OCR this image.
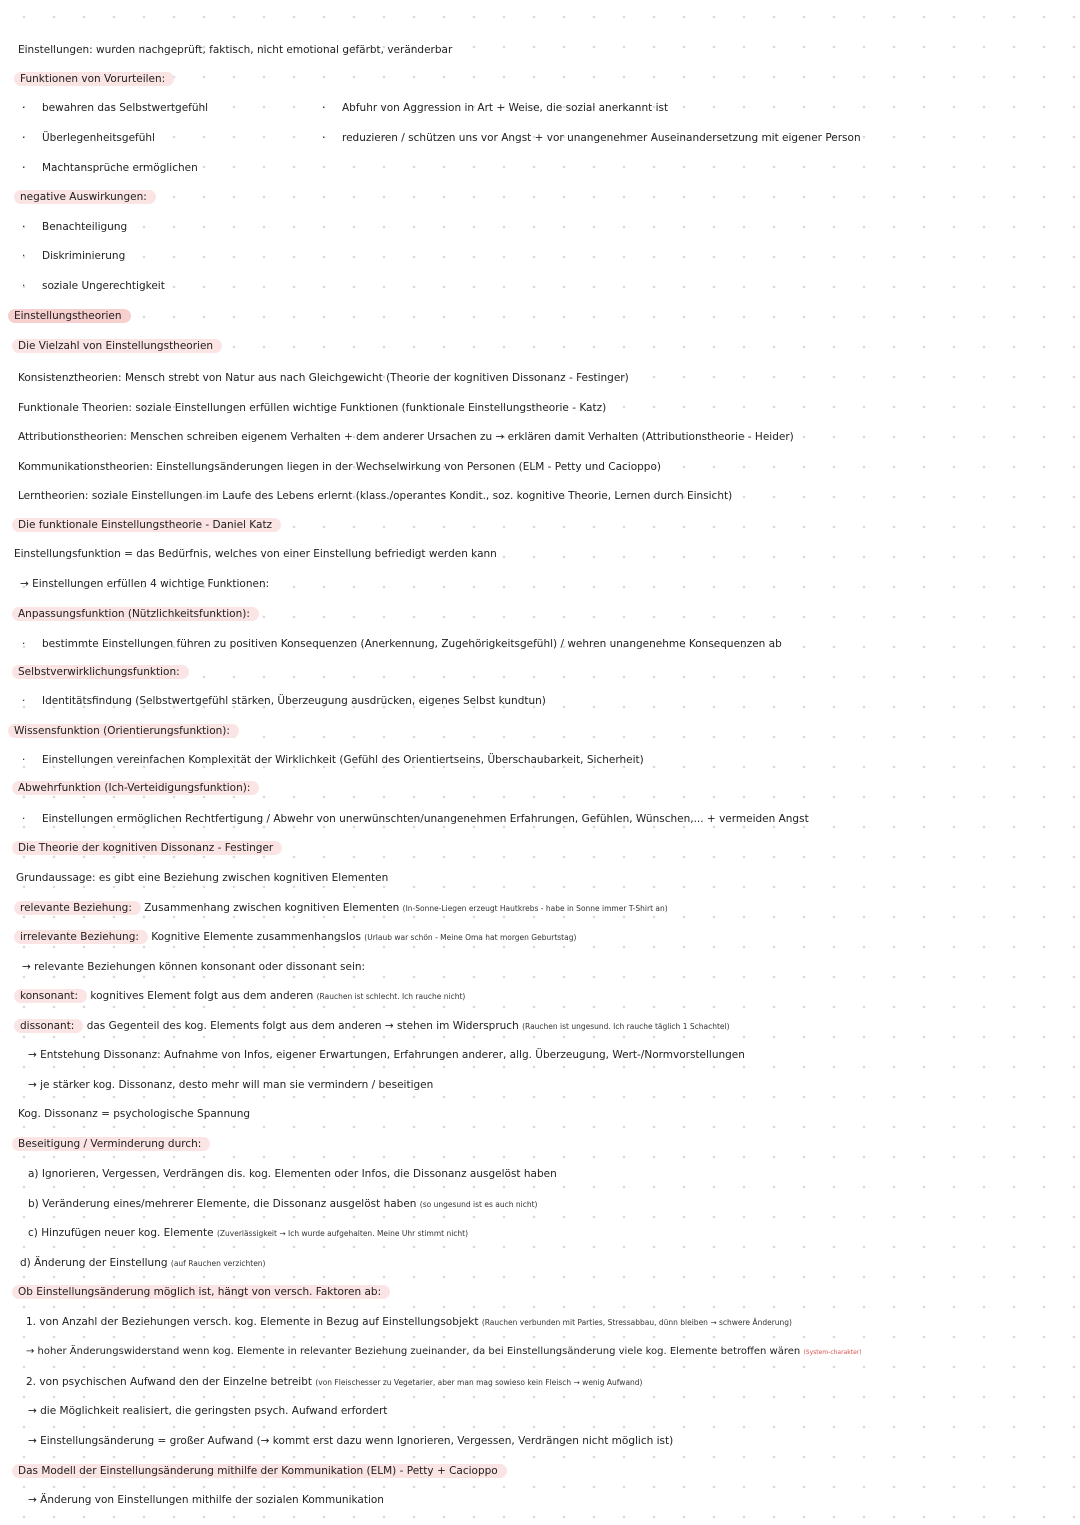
Einstellungen: wurden nachgeprüft, faktisch, nicht emotional gefärbt, veränderbar
Funktionen von Vorurteilen:
· bewahren das Selbstwertgefühl	· Abfuhr von Aggression in Art + Weise, die sozial anerkannt ist
· Überlegenheitsgefühl	· reduzieren / schützen uns vor Angst + vor unangenehmer Auseinandersetzung mit eigener Person
· Machtansprüche ermöglichen
negative Auswirkungen:
· Benachteiligung
· Diskriminierung
· soziale Ungerechtigkeit
Einstellungstheorien
Die Vielzahl von Einstellungstheorien
Konsistenztheorien: Mensch strebt von Natur aus nach Gleichgewicht (Theorie der kognitiven Dissonanz - Festinger)
Funktionale Theorien: soziale Einstellungen erfüllen wichtige Funktionen (funktionale Einstellungstheorie - Katz)
Attributionstheorien: Menschen schreiben eigenem Verhalten + dem anderer Ursachen zu → erklären damit Verhalten (Attributionstheorie - Heider)
Kommunikationstheorien: Einstellungsänderungen liegen in der Wechselwirkung von Personen (ELM - Petty und Cacioppo)
Lerntheorien: soziale Einstellungen im Laufe des Lebens erlernt (klass./operantes Kondit., soz. kognitive Theorie, Lernen durch Einsicht)
Die funktionale Einstellungstheorie - Daniel Katz
Einstellungsfunktion = das Bedürfnis, welches von einer Einstellung befriedigt werden kann
→ Einstellungen erfüllen 4 wichtige Funktionen:
Anpassungsfunktion (Nützlichkeitsfunktion):
· bestimmte Einstellungen führen zu positiven Konsequenzen (Anerkennung, Zugehörigkeitsgefühl) / wehren unangenehme Konsequenzen ab
Selbstverwirklichungsfunktion:
· Identitätsfindung (Selbstwertgefühl stärken, Überzeugung ausdrücken, eigenes Selbst kundtun)
Wissensfunktion (Orientierungsfunktion):
· Einstellungen vereinfachen Komplexität der Wirklichkeit (Gefühl des Orientiertseins, Überschaubarkeit, Sicherheit)
Abwehrfunktion (Ich-Verteidigungsfunktion):
· Einstellungen ermöglichen Rechtfertigung / Abwehr von unerwünschten/unangenehmen Erfahrungen, Gefühlen, Wünschen,... + vermeiden Angst
Die Theorie der kognitiven Dissonanz - Festinger
Grundaussage: es gibt eine Beziehung zwischen kognitiven Elementen
relevante Beziehung: Zusammenhang zwischen kognitiven Elementen (In-Sonne-Liegen erzeugt Hautkrebs - habe in Sonne immer T-Shirt an)
irrelevante Beziehung: Kognitive Elemente zusammenhangslos (Urlaub war schön - Meine Oma hat morgen Geburtstag)
→ relevante Beziehungen können konsonant oder dissonant sein:
konsonant: kognitives Element folgt aus dem anderen (Rauchen ist schlecht. Ich rauche nicht)
dissonant: das Gegenteil des kog. Elements folgt aus dem anderen → stehen im Widerspruch (Rauchen ist ungesund. Ich rauche täglich 1 Schachtel)
→ Entstehung Dissonanz: Aufnahme von Infos, eigener Erwartungen, Erfahrungen anderer, allg. Überzeugung, Wert-/Normvorstellungen
→ je stärker kog. Dissonanz, desto mehr will man sie vermindern / beseitigen
Kog. Dissonanz = psychologische Spannung
Beseitigung / Verminderung durch:
a) Ignorieren, Vergessen, Verdrängen dis. kog. Elementen oder Infos, die Dissonanz ausgelöst haben
b) Veränderung eines/mehrerer Elemente, die Dissonanz ausgelöst haben (so ungesund ist es auch nicht)
c) Hinzufügen neuer kog. Elemente (Zuverlässigkeit → Ich wurde aufgehalten. Meine Uhr stimmt nicht)
d) Änderung der Einstellung (auf Rauchen verzichten)
Ob Einstellungsänderung möglich ist, hängt von versch. Faktoren ab:
1. von Anzahl der Beziehungen versch. kog. Elemente in Bezug auf Einstellungsobjekt (Rauchen verbunden mit Parties, Stressabbau, dünn bleiben → schwere Änderung)
→ hoher Änderungswiderstand wenn kog. Elemente in relevanter Beziehung zueinander, da bei Einstellungsänderung viele kog. Elemente betroffen wären (System-charakter)
2. von psychischen Aufwand den der Einzelne betreibt (von Fleischesser zu Vegetarier, aber man mag sowieso kein Fleisch → wenig Aufwand)
→ die Möglichkeit realisiert, die geringsten psych. Aufwand erfordert
→ Einstellungsänderung = großer Aufwand (→ kommt erst dazu wenn Ignorieren, Vergessen, Verdrängen nicht möglich ist)
Das Modell der Einstellungsänderung mithilfe der Kommunikation (ELM) - Petty + Cacioppo
→ Änderung von Einstellungen mithilfe der sozialen Kommunikation
